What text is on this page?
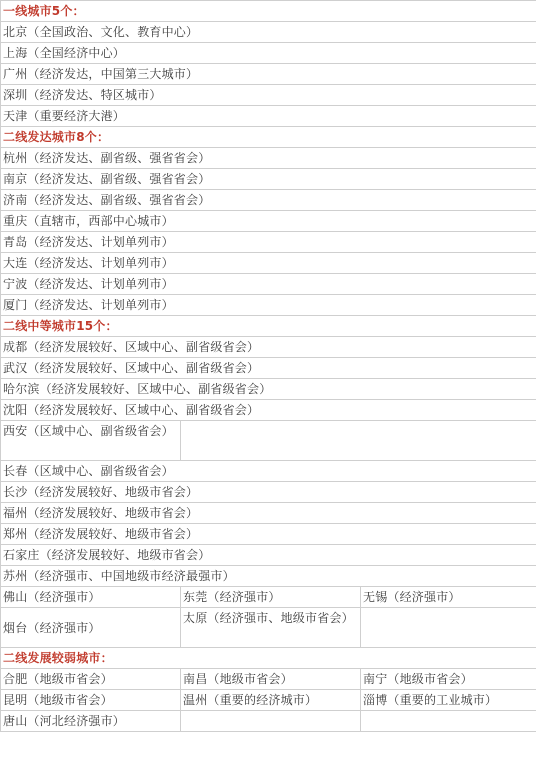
一线城市5个：		
北京（全国政治、文化、教育中心）		
上海（全国经济中心）		
广州（经济发达，中国第三大城市）		
深圳（经济发达、特区城市）		
天津（重要经济大港）		
二线发达城市8个：		
杭州（经济发达、副省级、强省省会）		
南京（经济发达、副省级、强省省会）		
济南（经济发达、副省级、强省省会）		
重庆（直辖市，西部中心城市）		
青岛（经济发达、计划单列市）		
大连（经济发达、计划单列市）		
宁波（经济发达、计划单列市）		
厦门（经济发达、计划单列市）		
二线中等城市15个：		
成都（经济发展较好、区域中心、副省级省会）		
武汉（经济发展较好、区域中心、副省级省会）		
哈尔滨（经济发展较好、区域中心、副省级省会）		
沈阳（经济发展较好、区域中心、副省级省会）		
西安（区域中心、副省级省会）		
长春（区域中心、副省级省会）		
长沙（经济发展较好、地级市省会）		
福州（经济发展较好、地级市省会）		
郑州（经济发展较好、地级市省会）		
石家庄（经济发展较好、地级市省会）		
苏州（经济强市、中国地级市经济最强市）		
佛山（经济强市）	东莞（经济强市）	无锡（经济强市）
烟台（经济强市）	太原（经济强市、地级市省会）	
二线发展较弱城市：		
合肥（地级市省会）	南昌（地级市省会）	南宁（地级市省会）
昆明（地级市省会）	温州（重要的经济城市）	淄博（重要的工业城市）
唐山（河北经济强市）		
